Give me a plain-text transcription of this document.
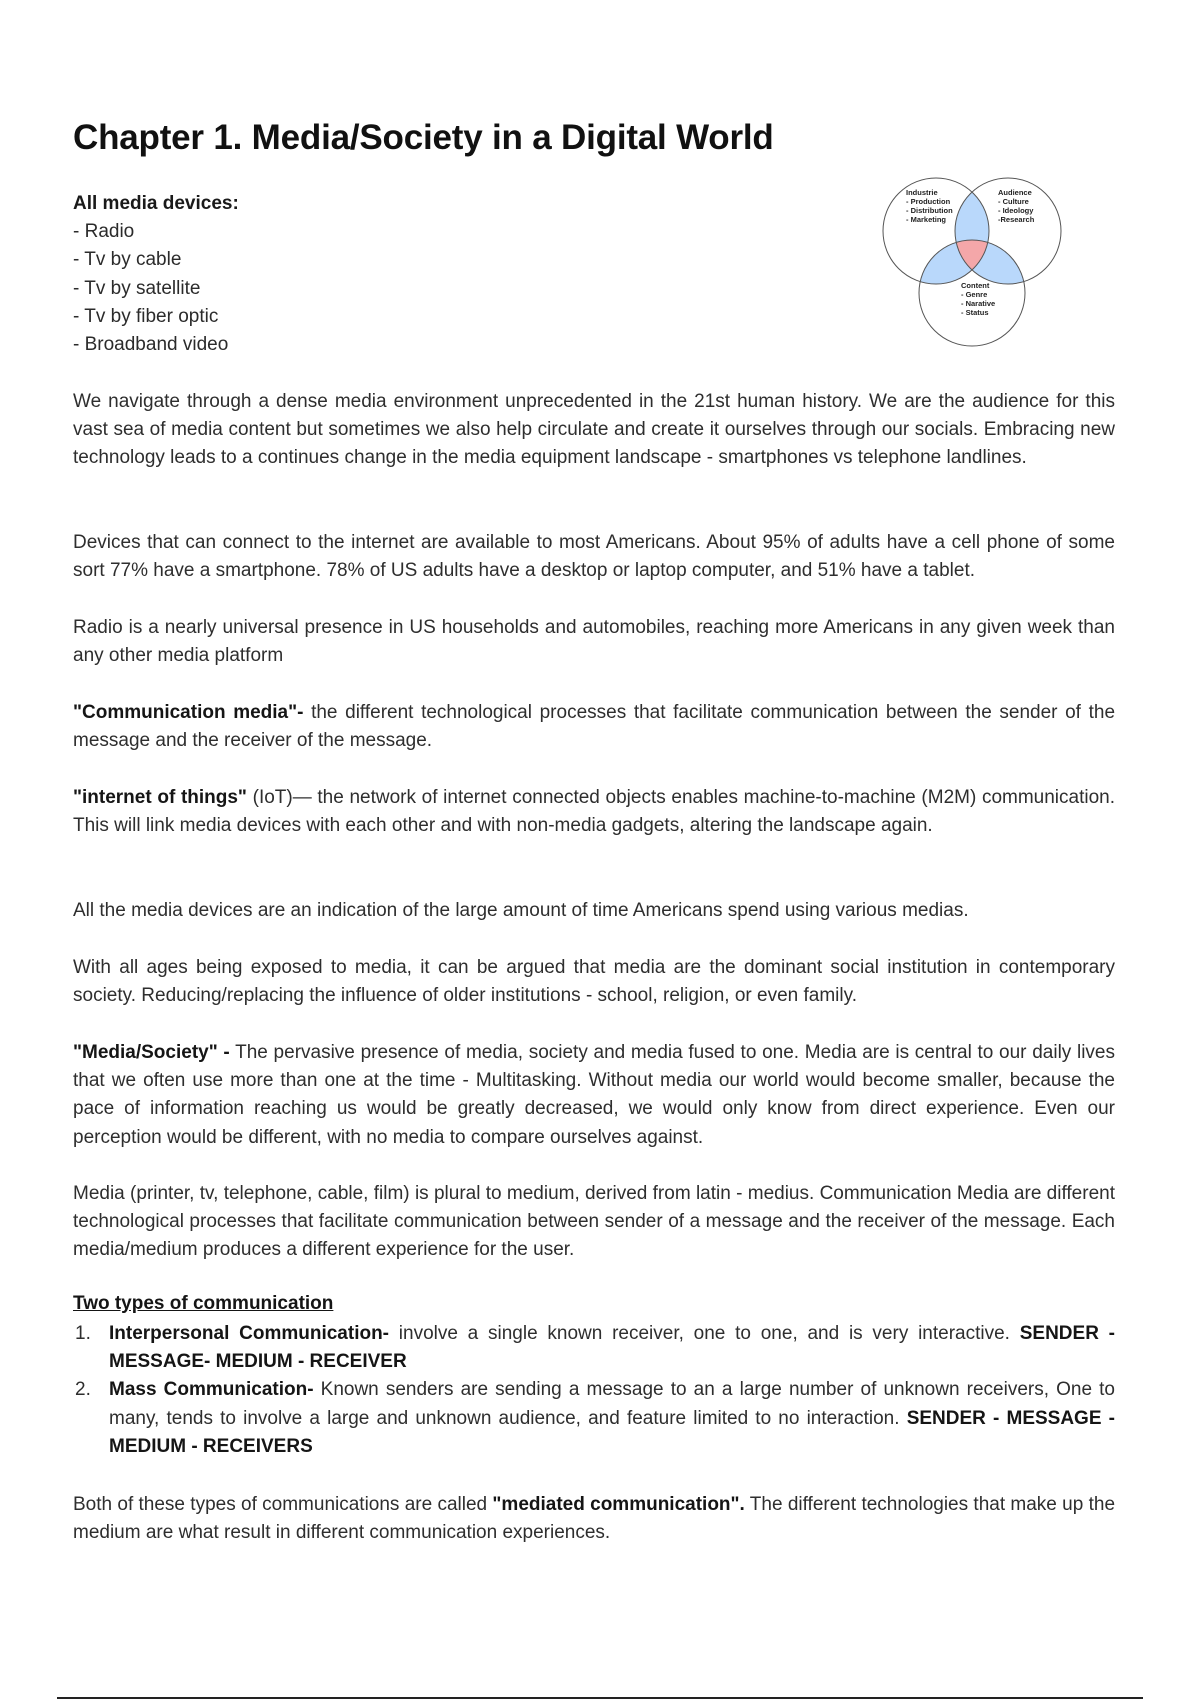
Chapter 1. Media/Society in a Digital World
All media devices:
- Radio
- Tv by cable
- Tv by satellite
- Tv by fiber optic
- Broadband video
Industrie
- Production
- Distribution
- Marketing
Audience
- Culture
- Ideology
-Research
Content
- Genre
- Narative
- Status

We navigate through a dense media environment unprecedented in the 21st human history. We are the audience for this vast sea of media content but sometimes we also help circulate and create it ourselves through our socials. Embracing new technology leads to a continues change in the media equipment landscape - smartphones vs telephone landlines.

Devices that can connect to the internet are available to most Americans. About 95% of adults have a cell phone of some sort 77% have a smartphone. 78% of US adults have a desktop or laptop computer, and 51% have a tablet.

Radio is a nearly universal presence in US households and automobiles, reaching more Americans in any given week than any other media platform

"Communication media"- the different technological processes that facilitate communication between the sender of the message and the receiver of the message.

"internet of things" (IoT)— the network of internet connected objects enables machine-to-machine (M2M) communication. This will link media devices with each other and with non-media gadgets, altering the landscape again.

All the media devices are an indication of the large amount of time Americans spend using various medias.

With all ages being exposed to media, it can be argued that media are the dominant social institution in contemporary society. Reducing/replacing the influence of older institutions - school, religion, or even family.

"Media/Society" - The pervasive presence of media, society and media fused to one. Media are is central to our daily lives that we often use more than one at the time - Multitasking. Without media our world would become smaller, because the pace of information reaching us would be greatly decreased, we would only know from direct experience. Even our perception would be different, with no media to compare ourselves against.

Media (printer, tv, telephone, cable, film) is plural to medium, derived from latin - medius. Communication Media are different technological processes that facilitate communication between sender of a message and the receiver of the message. Each media/medium produces a different experience for the user.

Two types of communication
1. Interpersonal Communication- involve a single known receiver, one to one, and is very interactive. SENDER - MESSAGE- MEDIUM - RECEIVER
2. Mass Communication- Known senders are sending a message to an a large number of unknown receivers, One to many, tends to involve a large and unknown audience, and feature limited to no interaction. SENDER - MESSAGE - MEDIUM - RECEIVERS

Both of these types of communications are called "mediated communication". The different technologies that make up the medium are what result in different communication experiences.
